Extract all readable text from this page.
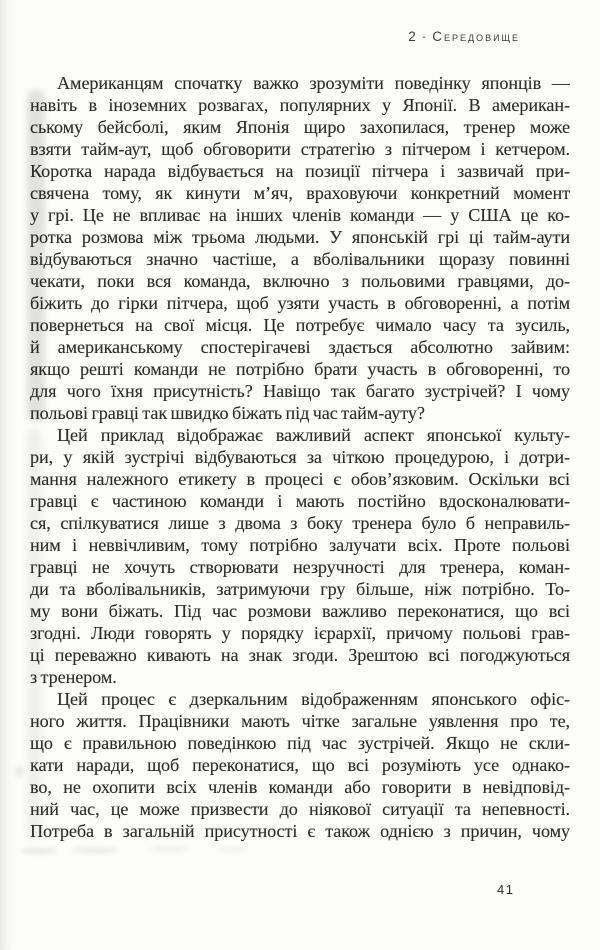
2 · Середовище
Американцям спочатку важко зрозуміти поведінку японців —
навіть в іноземних розвагах, популярних у Японії. В американ-
ському бейсболі, яким Японія щиро захопилася, тренер може
взяти тайм-аут, щоб обговорити стратегію з пітчером і кетчером.
Коротка нарада відбувається на позиції пітчера і зазвичай при-
свячена тому, як кинути м’яч, враховуючи конкретний момент
у грі. Це не впливає на інших членів команди — у США це ко-
ротка розмова між трьома людьми. У японській грі ці тайм-аути
відбуваються значно частіше, а вболівальники щоразу повинні
чекати, поки вся команда, включно з польовими гравцями, до-
біжить до гірки пітчера, щоб узяти участь в обговоренні, а потім
повернеться на свої місця. Це потребує чимало часу та зусиль,
й американському спостерігачеві здається абсолютно зайвим:
якщо решті команди не потрібно брати участь в обговоренні, то
для чого їхня присутність? Навіщо так багато зустрічей? І чому
польові гравці так швидко біжать під час тайм-ауту?
Цей приклад відображає важливий аспект японської культу-
ри, у якій зустрічі відбуваються за чіткою процедурою, і дотри-
мання належного етикету в процесі є обов’язковим. Оскільки всі
гравці є частиною команди і мають постійно вдосконалювати-
ся, спілкуватися лише з двома з боку тренера було б неправиль-
ним і неввічливим, тому потрібно залучати всіх. Проте польові
гравці не хочуть створювати незручності для тренера, коман-
ди та вболівальників, затримуючи гру більше, ніж потрібно. То-
му вони біжать. Під час розмови важливо переконатися, що всі
згодні. Люди говорять у порядку ієрархії, причому польові грав-
ці переважно кивають на знак згоди. Зрештою всі погоджуються
з тренером.
Цей процес є дзеркальним відображенням японського офіс-
ного життя. Працівники мають чітке загальне уявлення про те,
що є правильною поведінкою під час зустрічей. Якщо не скли-
кати наради, щоб переконатися, що всі розуміють усе однако-
во, не охопити всіх членів команди або говорити в невідповід-
ний час, це може призвести до ніякової ситуації та непевності.
Потреба в загальній присутності є також однією з причин, чому
41
